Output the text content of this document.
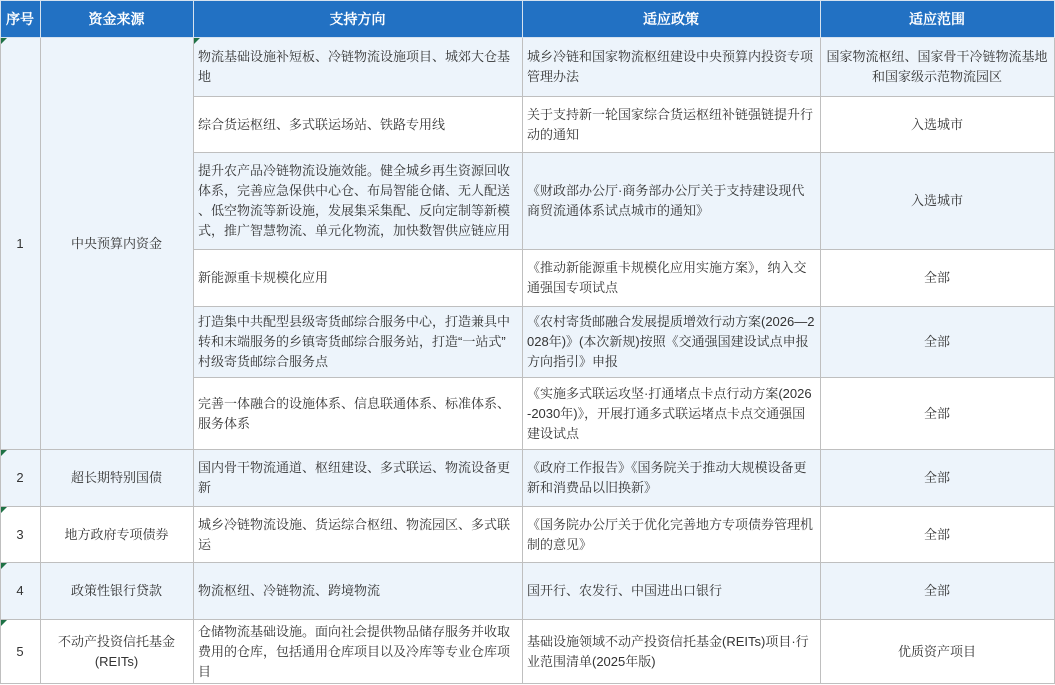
序号	资金来源	支持方向	适应政策	适应范围

1	中央预算内资金	物流基础设施补短板、冷链物流设施项目、城郊大仓基地	城乡冷链和国家物流枢纽建设中央预算内投资专项管理办法	国家物流枢纽、国家骨干冷链物流基地和国家级示范物流园区
		综合货运枢纽、多式联运场站、铁路专用线	关于支持新一轮国家综合货运枢纽补链强链提升行动的通知	入选城市
		提升农产品冷链物流设施效能。健全城乡再生资源回收体系，完善应急保供中心仓、布局智能仓储、无人配送、低空物流等新设施，发展集采集配、反向定制等新模式，推广智慧物流、单元化物流，加快数智供应链应用	《财政部办公厅·商务部办公厅关于支持建设现代商贸流通体系试点城市的通知》	入选城市
		新能源重卡规模化应用	《推动新能源重卡规模化应用实施方案》，纳入交通强国专项试点	全部
		打造集中共配型县级寄货邮综合服务中心，打造兼具中转和末端服务的乡镇寄货邮综合服务站，打造“一站式”村级寄货邮综合服务点	《农村寄货邮融合发展提质增效行动方案(2026—2028年)》(本次新规)按照《交通强国建设试点申报方向指引》申报	全部
		完善一体融合的设施体系、信息联通体系、标准体系、服务体系	《实施多式联运攻坚·打通堵点卡点行动方案(2026-2030年)》，开展打通多式联运堵点卡点交通强国建设试点	全部

2	超长期特别国债	国内骨干物流通道、枢纽建设、多式联运、物流设备更新	《政府工作报告》《国务院关于推动大规模设备更新和消费品以旧换新》	全部

3	地方政府专项债券	城乡冷链物流设施、货运综合枢纽、物流园区、多式联运	《国务院办公厅关于优化完善地方专项债券管理机制的意见》	全部

4	政策性银行贷款	物流枢纽、冷链物流、跨境物流	国开行、农发行、中国进出口银行	全部

5	不动产投资信托基金(REITs)	仓储物流基础设施。面向社会提供物品储存服务并收取费用的仓库，包括通用仓库项目以及冷库等专业仓库项目	基础设施领域不动产投资信托基金(REITs)项目·行业范围清单(2025年版)	优质资产项目
